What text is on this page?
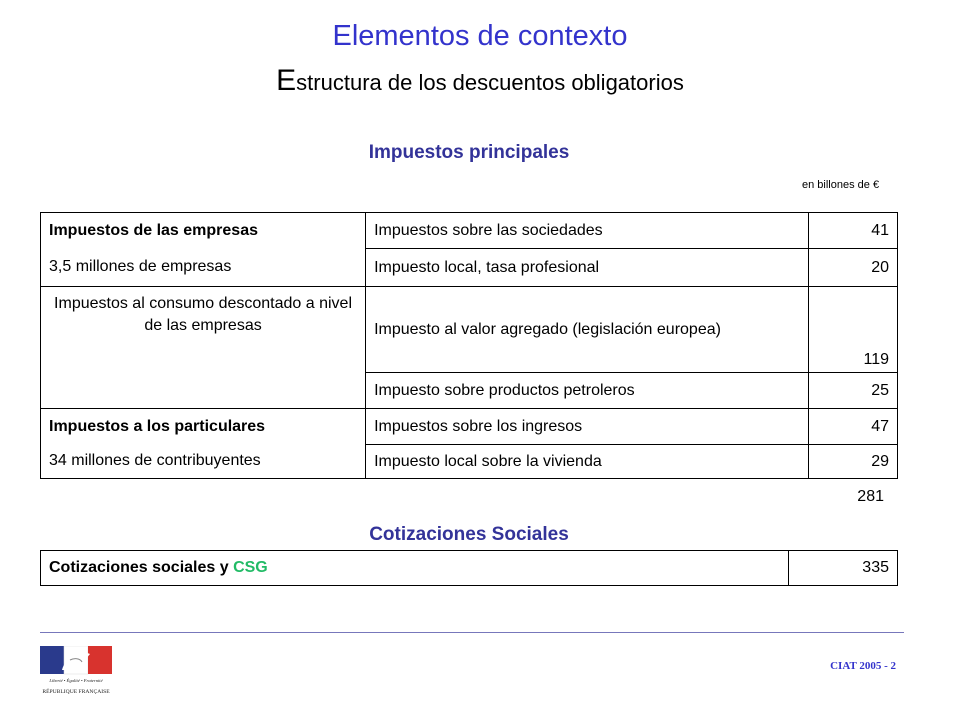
Elementos de contexto
Estructura de los descuentos obligatorios
Impuestos principales
en billones de €
Impuestos de las empresas	Impuestos sobre las sociedades	41
3,5 millones de empresas	Impuesto local, tasa profesional	20
Impuestos al consumo descontado a nivel de las empresas	Impuesto al valor agregado (legislación europea)	119
	Impuesto sobre productos petroleros	25
Impuestos a los particulares	Impuestos sobre los ingresos	47
34 millones de contribuyentes	Impuesto local sobre la vivienda	29
281
Cotizaciones Sociales
Cotizaciones sociales y CSG	335
Liberté • Égalité • Fraternité
RÉPUBLIQUE FRANÇAISE
CIAT 2005 - 2
